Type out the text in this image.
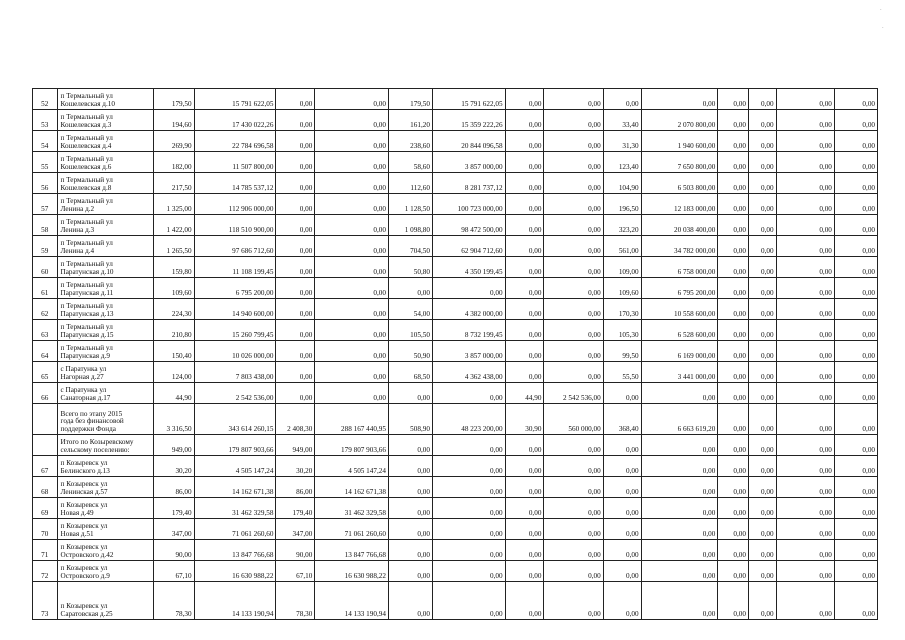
.
.
52	п Термальный ул
Кошелевская д.10	179,50	15 791 622,05	0,00	0,00	179,50	15 791 622,05	0,00	0,00	0,00	0,00	0,00	0,00	0,00	0,00
53	п Термальный ул
Кошелевская д.3	194,60	17 430 022,26	0,00	0,00	161,20	15 359 222,26	0,00	0,00	33,40	2 070 800,00	0,00	0,00	0,00	0,00
54	п Термальный ул
Кошелевская д.4	269,90	22 784 696,58	0,00	0,00	238,60	20 844 096,58	0,00	0,00	31,30	1 940 600,00	0,00	0,00	0,00	0,00
55	п Термальный ул
Кошелевская д.6	182,00	11 507 800,00	0,00	0,00	58,60	3 857 000,00	0,00	0,00	123,40	7 650 800,00	0,00	0,00	0,00	0,00
56	п Термальный ул
Кошелевская д.8	217,50	14 785 537,12	0,00	0,00	112,60	8 281 737,12	0,00	0,00	104,90	6 503 800,00	0,00	0,00	0,00	0,00
57	п Термальный ул
Ленина д.2	1 325,00	112 906 000,00	0,00	0,00	1 128,50	100 723 000,00	0,00	0,00	196,50	12 183 000,00	0,00	0,00	0,00	0,00
58	п Термальный ул
Ленина д.3	1 422,00	118 510 900,00	0,00	0,00	1 098,80	98 472 500,00	0,00	0,00	323,20	20 038 400,00	0,00	0,00	0,00	0,00
59	п Термальный ул
Ленина д.4	1 265,50	97 686 712,60	0,00	0,00	704,50	62 904 712,60	0,00	0,00	561,00	34 782 000,00	0,00	0,00	0,00	0,00
60	п Термальный ул
Паратунская д.10	159,80	11 108 199,45	0,00	0,00	50,80	4 350 199,45	0,00	0,00	109,00	6 758 000,00	0,00	0,00	0,00	0,00
61	п Термальный ул
Паратунская д.11	109,60	6 795 200,00	0,00	0,00	0,00	0,00	0,00	0,00	109,60	6 795 200,00	0,00	0,00	0,00	0,00
62	п Термальный ул
Паратунская д.13	224,30	14 940 600,00	0,00	0,00	54,00	4 382 000,00	0,00	0,00	170,30	10 558 600,00	0,00	0,00	0,00	0,00
63	п Термальный ул
Паратунская д.15	210,80	15 260 799,45	0,00	0,00	105,50	8 732 199,45	0,00	0,00	105,30	6 528 600,00	0,00	0,00	0,00	0,00
64	п Термальный ул
Паратунская д.9	150,40	10 026 000,00	0,00	0,00	50,90	3 857 000,00	0,00	0,00	99,50	6 169 000,00	0,00	0,00	0,00	0,00
65	с Паратунка ул
Нагорная д.27	124,00	7 803 438,00	0,00	0,00	68,50	4 362 438,00	0,00	0,00	55,50	3 441 000,00	0,00	0,00	0,00	0,00
66	с Паратунка ул
Санаторная д.17	44,90	2 542 536,00	0,00	0,00	0,00	0,00	44,90	2 542 536,00	0,00	0,00	0,00	0,00	0,00	0,00

	Всего по этапу 2015
года без финансовой
поддержки Фонда	3 316,50	343 614 260,15	2 408,30	288 167 440,95	508,90	48 223 200,00	30,90	560 000,00	368,40	6 663 619,20	0,00	0,00	0,00	0,00

	Итого по Козыревскому
сельскому поселению:	949,00	179 807 903,66	949,00	179 807 903,66	0,00	0,00	0,00	0,00	0,00	0,00	0,00	0,00	0,00	0,00
67	п Козыревск ул
Белинского д.13	30,20	4 505 147,24	30,20	4 505 147,24	0,00	0,00	0,00	0,00	0,00	0,00	0,00	0,00	0,00	0,00
68	п Козыревск ул
Ленинская д.57	86,00	14 162 671,38	86,00	14 162 671,38	0,00	0,00	0,00	0,00	0,00	0,00	0,00	0,00	0,00	0,00
69	п Козыревск ул
Новая д.49	179,40	31 462 329,58	179,40	31 462 329,58	0,00	0,00	0,00	0,00	0,00	0,00	0,00	0,00	0,00	0,00
70	п Козыревск ул
Новая д.51	347,00	71 061 260,60	347,00	71 061 260,60	0,00	0,00	0,00	0,00	0,00	0,00	0,00	0,00	0,00	0,00
71	п Козыревск ул
Островского д.42	90,00	13 847 766,68	90,00	13 847 766,68	0,00	0,00	0,00	0,00	0,00	0,00	0,00	0,00	0,00	0,00
72	п Козыревск ул
Островского д.9	67,10	16 630 988,22	67,10	16 630 988,22	0,00	0,00	0,00	0,00	0,00	0,00	0,00	0,00	0,00	0,00
73	п Козыревск ул
Саратовская д.25	78,30	14 133 190,94	78,30	14 133 190,94	0,00	0,00	0,00	0,00	0,00	0,00	0,00	0,00	0,00	0,00
